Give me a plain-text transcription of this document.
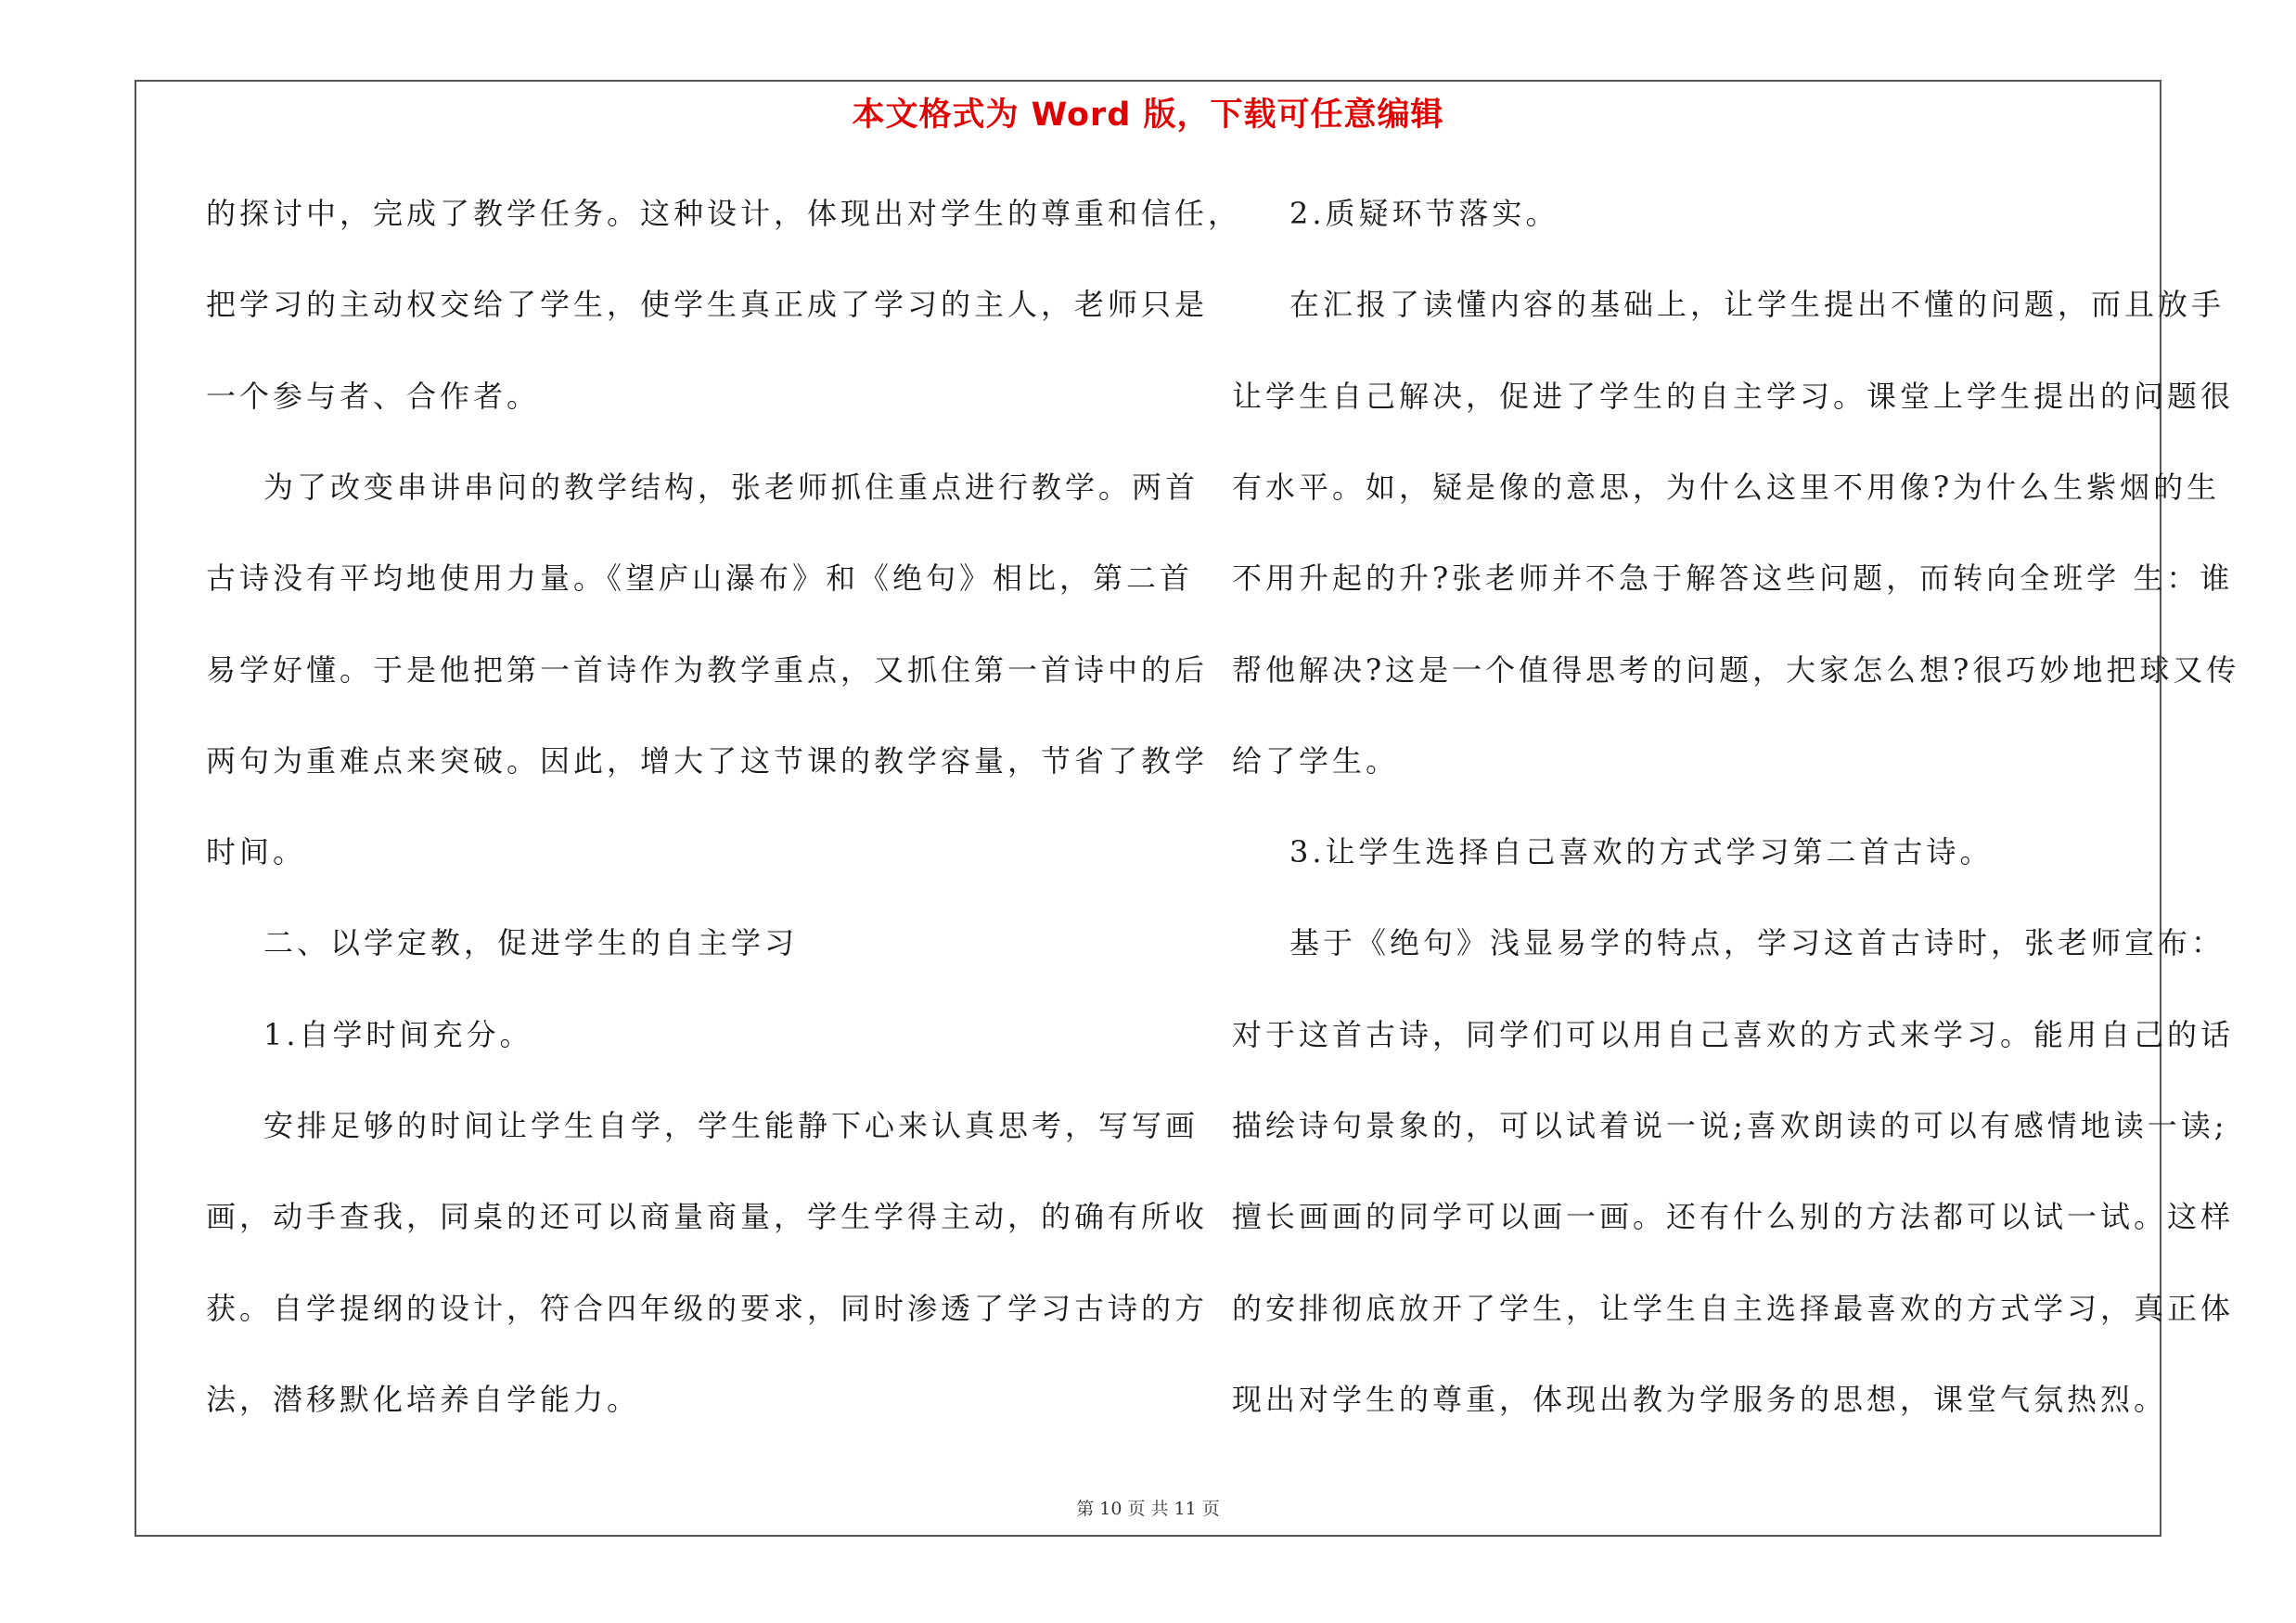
本文格式为 Word 版，下载可任意编辑
的探讨中，完成了教学任务。这种设计，体现出对学生的尊重和信任，
把学习的主动权交给了学生，使学生真正成了学习的主人，老师只是
一个参与者、合作者。
为了改变串讲串问的教学结构，张老师抓住重点进行教学。两首
古诗没有平均地使用力量。《望庐山瀑布》和《绝句》相比，第二首
易学好懂。于是他把第一首诗作为教学重点，又抓住第一首诗中的后
两句为重难点来突破。因此，增大了这节课的教学容量，节省了教学
时间。
二、以学定教，促进学生的自主学习
1.自学时间充分。
安排足够的时间让学生自学，学生能静下心来认真思考，写写画
画，动手查我，同桌的还可以商量商量，学生学得主动，的确有所收
获。自学提纲的设计，符合四年级的要求，同时渗透了学习古诗的方
法，潜移默化培养自学能力。
2.质疑环节落实。
在汇报了读懂内容的基础上，让学生提出不懂的问题，而且放手
让学生自己解决，促进了学生的自主学习。课堂上学生提出的问题很
有水平。如，疑是像的意思，为什么这里不用像?为什么生紫烟的生
不用升起的升?张老师并不急于解答这些问题，而转向全班学 生：谁
帮他解决?这是一个值得思考的问题，大家怎么想?很巧妙地把球又传
给了学生。
3.让学生选择自己喜欢的方式学习第二首古诗。
基于《绝句》浅显易学的特点，学习这首古诗时，张老师宣布：
对于这首古诗，同学们可以用自己喜欢的方式来学习。能用自己的话
描绘诗句景象的，可以试着说一说;喜欢朗读的可以有感情地读一读;
擅长画画的同学可以画一画。还有什么别的方法都可以试一试。这样
的安排彻底放开了学生，让学生自主选择最喜欢的方式学习，真正体
现出对学生的尊重，体现出教为学服务的思想，课堂气氛热烈。
第 10 页 共 11 页
